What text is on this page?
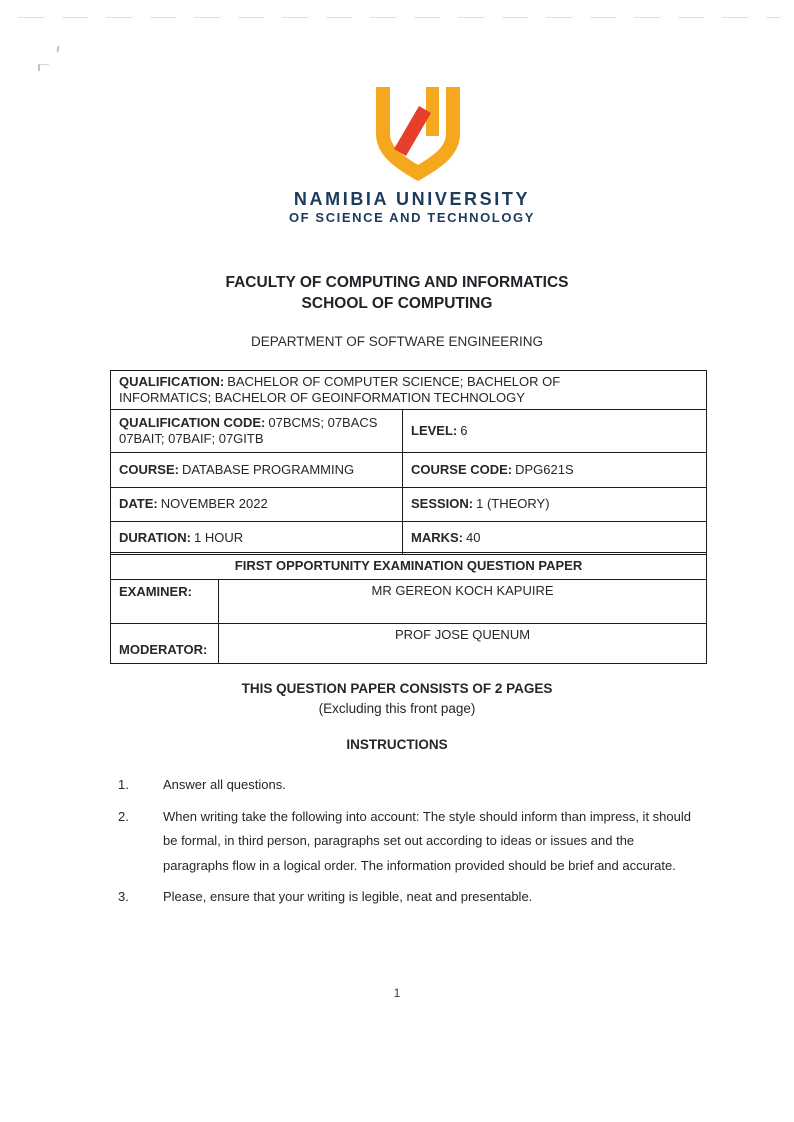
NAMIBIA UNIVERSITY
OF SCIENCE AND TECHNOLOGY
FACULTY OF COMPUTING AND INFORMATICS
SCHOOL OF COMPUTING
DEPARTMENT OF SOFTWARE ENGINEERING
QUALIFICATION: BACHELOR OF COMPUTER SCIENCE; BACHELOR OF INFORMATICS; BACHELOR OF GEOINFORMATION TECHNOLOGY	
QUALIFICATION CODE: 07BCMS; 07BACS 07BAIT; 07BAIF; 07GITB	LEVEL: 6
COURSE: DATABASE PROGRAMMING	COURSE CODE: DPG621S
DATE: NOVEMBER 2022	SESSION: 1 (THEORY)
DURATION: 1 HOUR	MARKS: 40
FIRST OPPORTUNITY EXAMINATION QUESTION PAPER	
EXAMINER:	MR GEREON KOCH KAPUIRE
MODERATOR:	PROF JOSE QUENUM
THIS QUESTION PAPER CONSISTS OF 2 PAGES
(Excluding this front page)
INSTRUCTIONS
1.	Answer all questions.
2.	When writing take the following into account: The style should inform than impress, it should be formal, in third person, paragraphs set out according to ideas or issues and the paragraphs flow in a logical order. The information provided should be brief and accurate.
3.	Please, ensure that your writing is legible, neat and presentable.
1
